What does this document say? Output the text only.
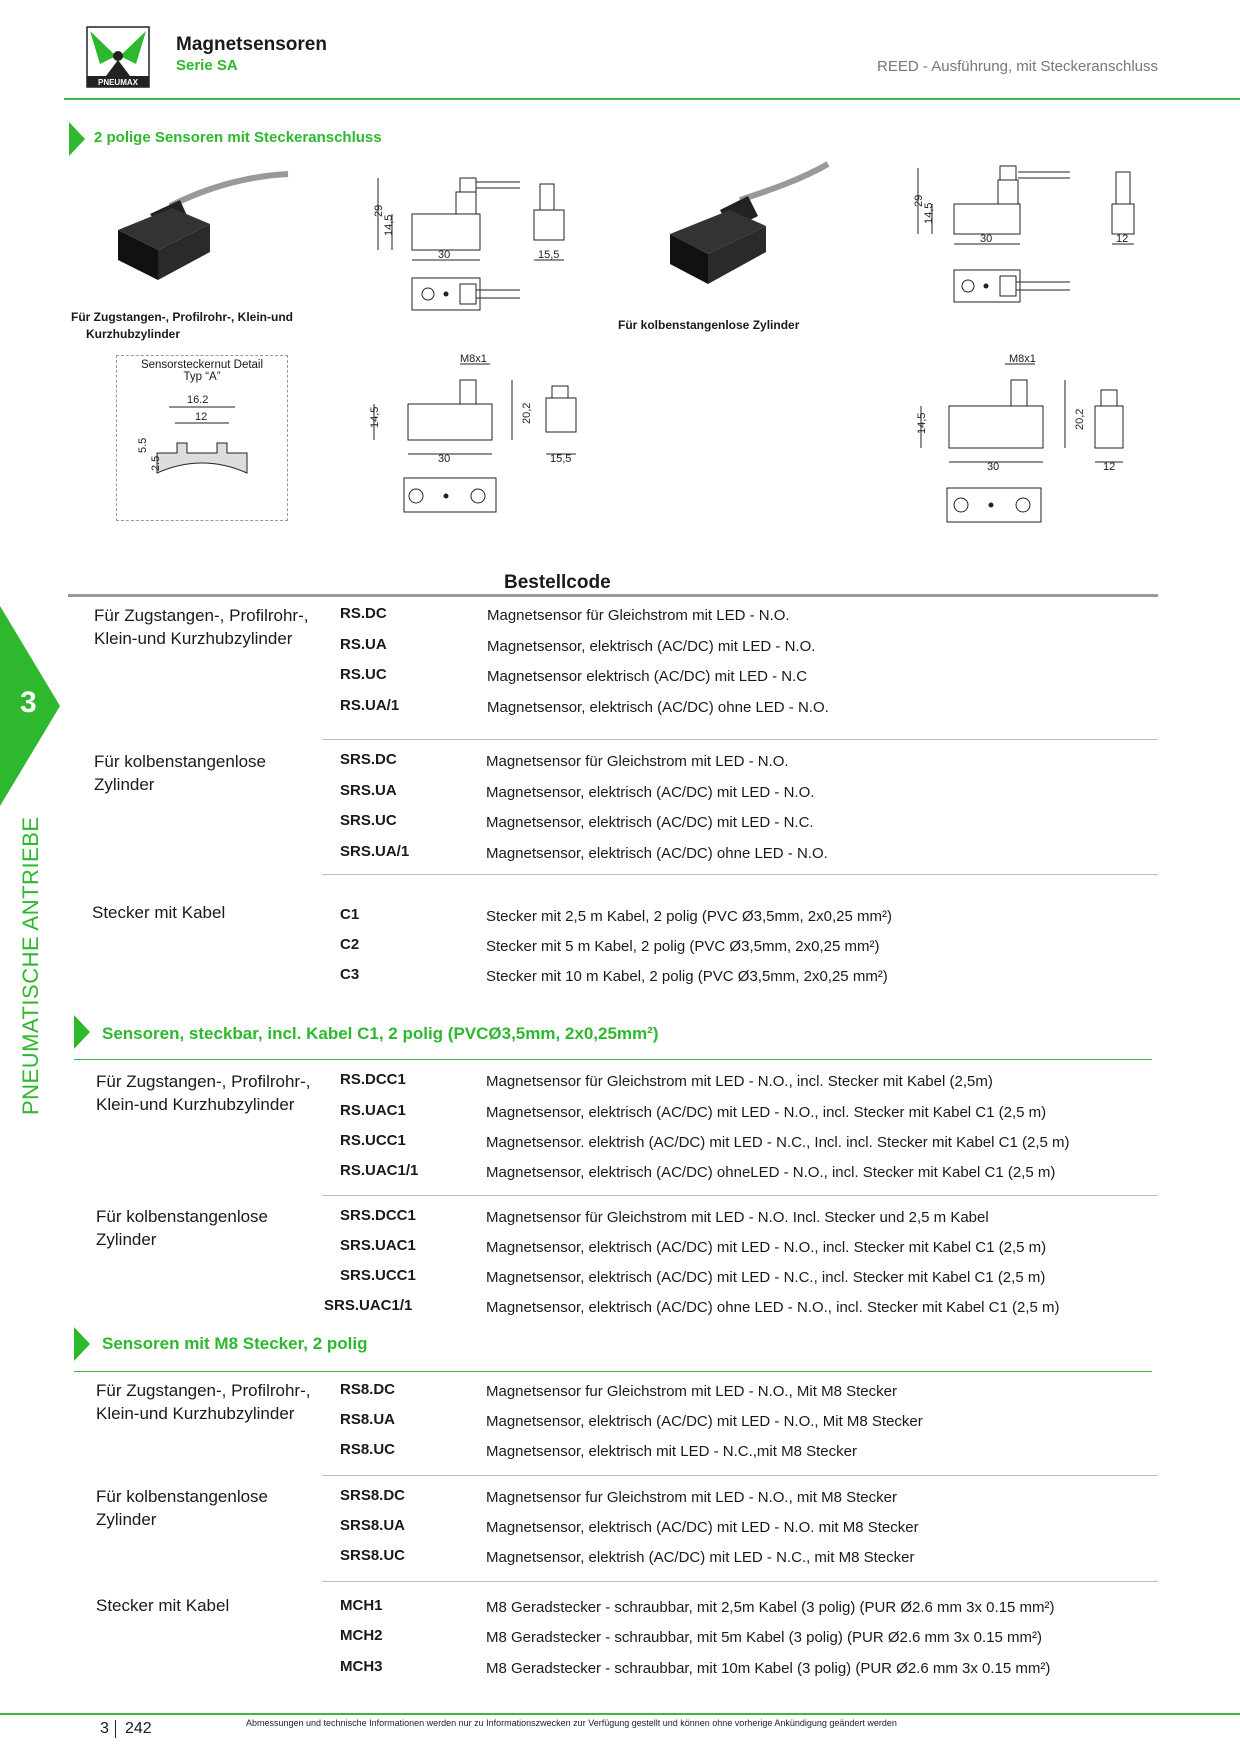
PNEUMAX
Magnetsensoren
Serie SA	REED - Ausführung, mit Steckeranschluss
3
PNEUMATISCHE ANTRIEBE
2 polige Sensoren mit Steckeranschluss
Für Zugstangen-, Profilrohr-, Klein-und
Kurzhubzylinder
29
14,5
30	15,5
Für kolbenstangenlose Zylinder
29
14,5
30	12
Sensorsteckernut Detail
Typ “A”
16.2
12
5.5
2.5
M8x1
14,5	20,2
30	15,5
M8x1
14,5	20,2
30	12
Bestellcode
Für Zugstangen-, Profilrohr-,
Klein-und Kurzhubzylinder
RS.DC	Magnetsensor für Gleichstrom mit LED - N.O.
RS.UA	Magnetsensor, elektrisch (AC/DC) mit LED - N.O.
RS.UC	Magnetsensor elektrisch (AC/DC) mit LED - N.C
RS.UA/1	Magnetsensor, elektrisch (AC/DC) ohne LED - N.O.
Für kolbenstangenlose
Zylinder
SRS.DC	Magnetsensor für Gleichstrom mit LED - N.O.
SRS.UA	Magnetsensor, elektrisch (AC/DC) mit LED - N.O.
SRS.UC	Magnetsensor, elektrisch (AC/DC) mit LED - N.C.
SRS.UA/1	Magnetsensor, elektrisch (AC/DC) ohne LED - N.O.
Stecker mit Kabel	C1	Stecker mit 2,5 m Kabel, 2 polig (PVC Ø3,5mm, 2x0,25 mm²)
C2	Stecker mit 5 m Kabel, 2 polig (PVC Ø3,5mm, 2x0,25 mm²)
C3	Stecker mit 10 m Kabel, 2 polig (PVC Ø3,5mm, 2x0,25 mm²)
Sensoren, steckbar, incl. Kabel C1, 2 polig (PVCØ3,5mm, 2x0,25mm²)
Für Zugstangen-, Profilrohr-,
Klein-und Kurzhubzylinder
RS.DCC1	Magnetsensor für Gleichstrom mit LED - N.O., incl. Stecker mit Kabel (2,5m)
RS.UAC1	Magnetsensor, elektrisch (AC/DC) mit LED - N.O., incl. Stecker mit Kabel C1 (2,5 m)
RS.UCC1	Magnetsensor. elektrish (AC/DC) mit LED - N.C., Incl. incl. Stecker mit Kabel C1 (2,5 m)
RS.UAC1/1	Magnetsensor, elektrisch (AC/DC) ohneLED - N.O., incl. Stecker mit Kabel C1 (2,5 m)
Für kolbenstangenlose
Zylinder
SRS.DCC1	Magnetsensor für Gleichstrom mit LED - N.O. Incl. Stecker und 2,5 m Kabel
SRS.UAC1	Magnetsensor, elektrisch (AC/DC) mit LED - N.O., incl. Stecker mit Kabel C1 (2,5 m)
SRS.UCC1	Magnetsensor, elektrisch (AC/DC) mit LED - N.C., incl. Stecker mit Kabel C1 (2,5 m)
SRS.UAC1/1	Magnetsensor, elektrisch (AC/DC) ohne LED - N.O., incl. Stecker mit Kabel C1 (2,5 m)
Sensoren mit M8 Stecker, 2 polig
Für Zugstangen-, Profilrohr-,
Klein-und Kurzhubzylinder
RS8.DC	Magnetsensor fur Gleichstrom mit LED - N.O., Mit M8 Stecker
RS8.UA	Magnetsensor, elektrisch (AC/DC) mit LED - N.O., Mit M8 Stecker
RS8.UC	Magnetsensor, elektrisch mit LED - N.C.,mit M8 Stecker
Für kolbenstangenlose
Zylinder
SRS8.DC	Magnetsensor fur Gleichstrom mit LED - N.O., mit M8 Stecker
SRS8.UA	Magnetsensor, elektrisch (AC/DC) mit LED - N.O. mit M8 Stecker
SRS8.UC	Magnetsensor, elektrish (AC/DC) mit LED - N.C., mit M8 Stecker
Stecker mit Kabel	MCH1	M8 Geradstecker - schraubbar, mit 2,5m Kabel (3 polig) (PUR Ø2.6 mm 3x 0.15 mm²)
MCH2	M8 Geradstecker - schraubbar, mit 5m Kabel (3 polig) (PUR Ø2.6 mm 3x 0.15 mm²)
MCH3	M8 Geradstecker - schraubbar, mit 10m Kabel (3 polig) (PUR Ø2.6 mm 3x 0.15 mm²)
3 242	Abmessungen und technische Informationen werden nur zu Informationszwecken zur Verfügung gestellt und können ohne vorherige Ankündigung geändert werden
